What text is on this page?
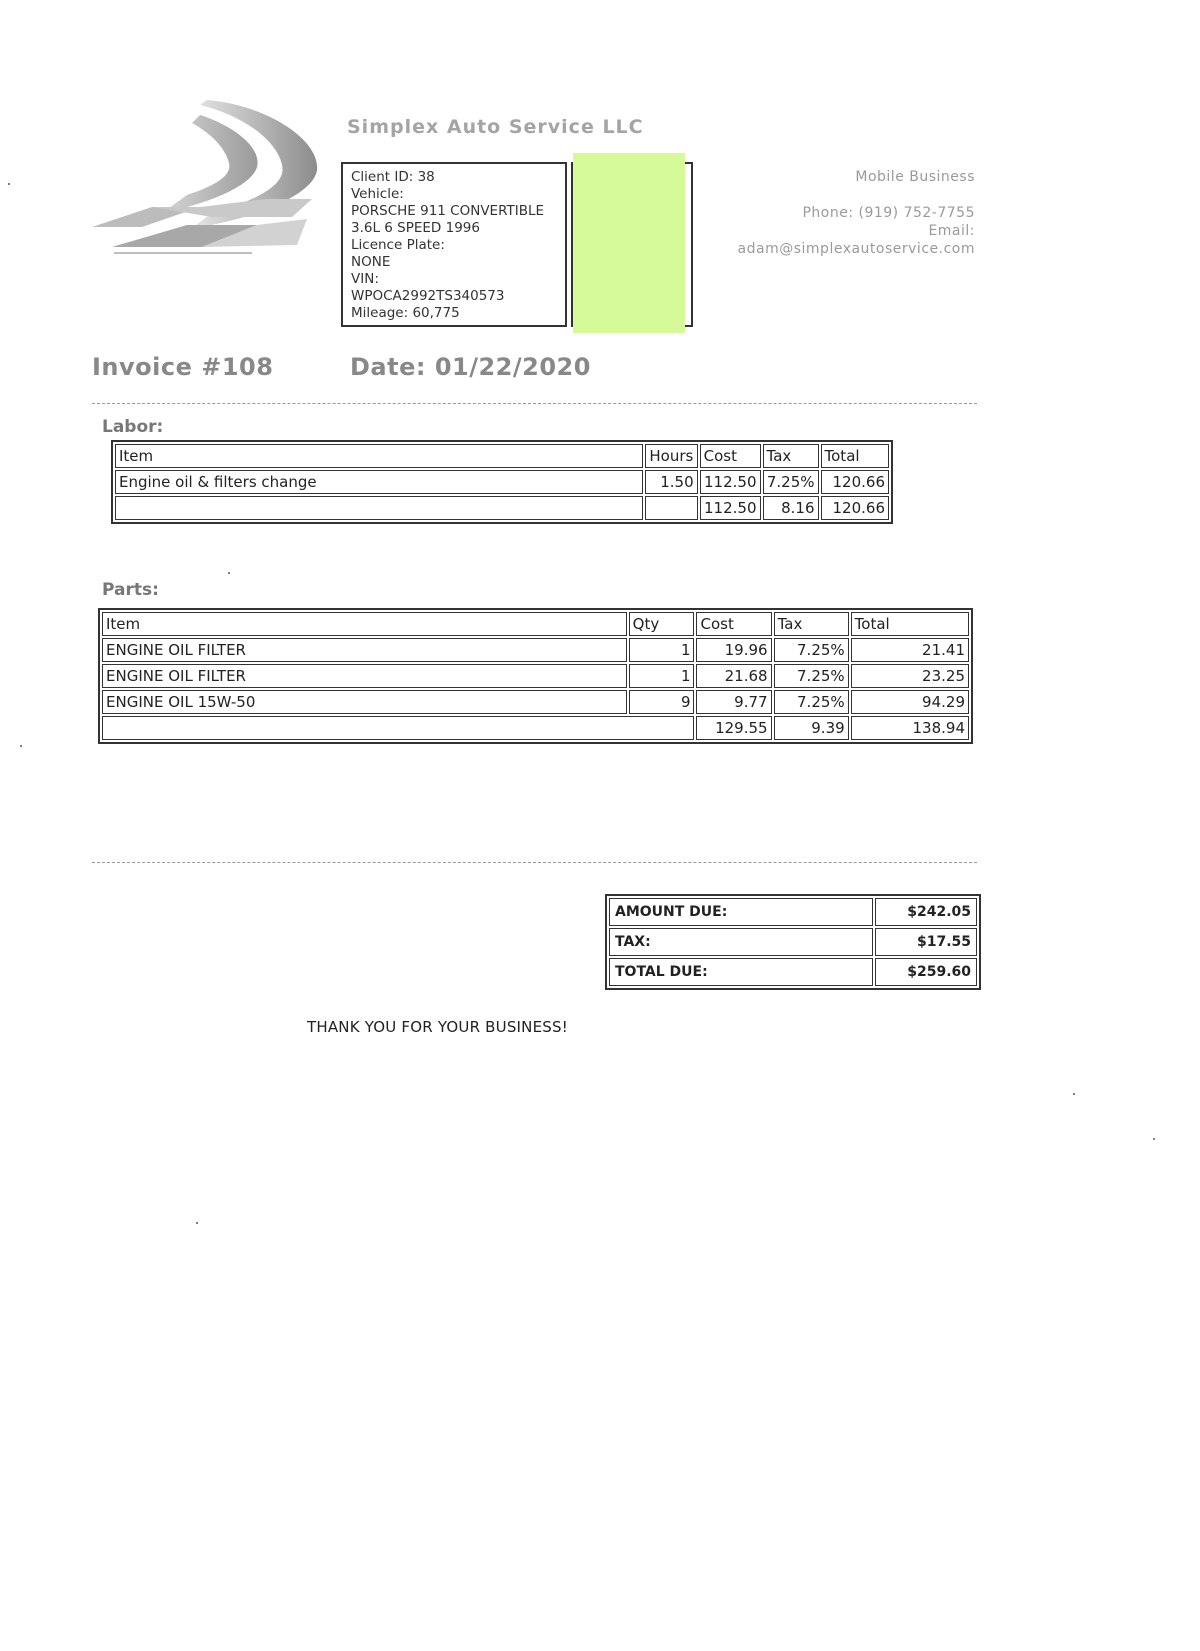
Simplex Auto Service LLC
Client ID: 38
Vehicle:
PORSCHE 911 CONVERTIBLE
3.6L 6 SPEED 1996
Licence Plate:
NONE
VIN:
WPOCA2992TS340573
Mileage: 60,775
Mobile Business
Phone: (919) 752-7755
Email:
adam@simplexautoservice.com
Invoice #108	Date: 01/22/2020
Labor:
Item	Hours	Cost	Tax	Total
Engine oil & filters change	1.50	112.50	7.25%	120.66
		112.50	8.16	120.66
Parts:
Item	Qty	Cost	Tax	Total
ENGINE OIL FILTER	1	19.96	7.25%	21.41
ENGINE OIL FILTER	1	21.68	7.25%	23.25
ENGINE OIL 15W-50	9	9.77	7.25%	94.29
		129.55	9.39	138.94
AMOUNT DUE:	$242.05
TAX:	$17.55
TOTAL DUE:	$259.60
THANK YOU FOR YOUR BUSINESS!
